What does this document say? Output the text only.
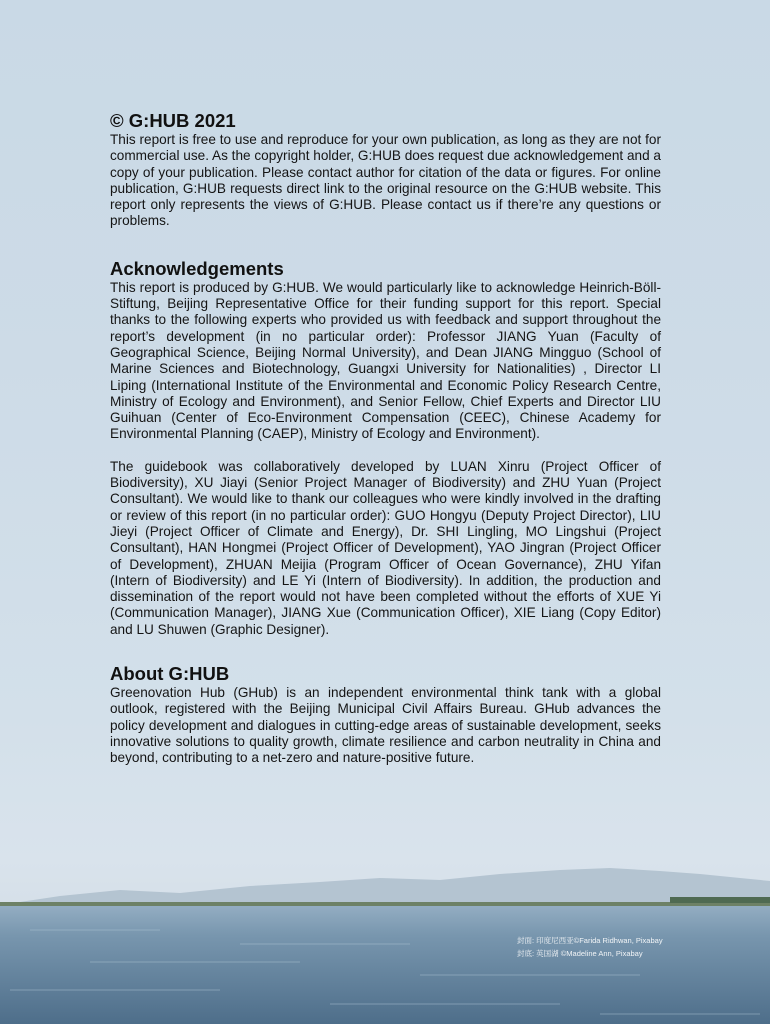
© G:HUB 2021

This report is free to use and reproduce for your own publication, as long as they are not for commercial use. As the copyright holder, G:HUB does request due acknowledgement and a copy of your publication. Please contact author for citation of the data or figures. For online publication, G:HUB requests direct link to the original resource on the G:HUB website. This report only represents the views of G:HUB. Please contact us if there’re any questions or problems.

Acknowledgements

This report is produced by G:HUB. We would particularly like to acknowledge Heinrich-Böll-Stiftung, Beijing Representative Office for their funding support for this report. Special thanks to the following experts who provided us with feedback and support throughout the report’s development (in no particular order): Professor JIANG Yuan (Faculty of Geographical Science, Beijing Normal University), and Dean JIANG Mingguo (School of Marine Sciences and Biotechnology, Guangxi University for Nationalities) , Director LI Liping (International Institute of the Environmental and Economic Policy Research Centre, Ministry of Ecology and Environment), and Senior Fellow, Chief Experts and Director LIU Guihuan (Center of Eco-Environment Compensation (CEEC), Chinese Academy for Environmental Planning (CAEP), Ministry of Ecology and Environment).

The guidebook was collaboratively developed by LUAN Xinru (Project Officer of Biodiversity), XU Jiayi (Senior Project Manager of Biodiversity) and ZHU Yuan (Project Consultant). We would like to thank our colleagues who were kindly involved in the drafting or review of this report (in no particular order): GUO Hongyu (Deputy Project Director), LIU Jieyi (Project Officer of Climate and Energy), Dr. SHI Lingling, MO Lingshui (Project Consultant), HAN Hongmei (Project Officer of Development), YAO Jingran (Project Officer of Development), ZHUAN Meijia (Program Officer of Ocean Governance), ZHU Yifan (Intern of Biodiversity) and LE Yi (Intern of Biodiversity). In addition, the production and dissemination of the report would not have been completed without the efforts of XUE Yi (Communication Manager), JIANG Xue (Communication Officer), XIE Liang (Copy Editor) and LU Shuwen (Graphic Designer).

About G:HUB

Greenovation Hub (GHub) is an independent environmental think tank with a global outlook, registered with the Beijing Municipal Civil Affairs Bureau. GHub advances the policy development and dialogues in cutting-edge areas of sustainable development, seeks innovative solutions to quality growth, climate resilience and carbon neutrality in China and beyond, contributing to a net-zero and nature-positive future.

封面: 印度尼西亚©Farida Ridhwan, Pixabay
封底: 英国湖 ©Madeline Ann, Pixabay
